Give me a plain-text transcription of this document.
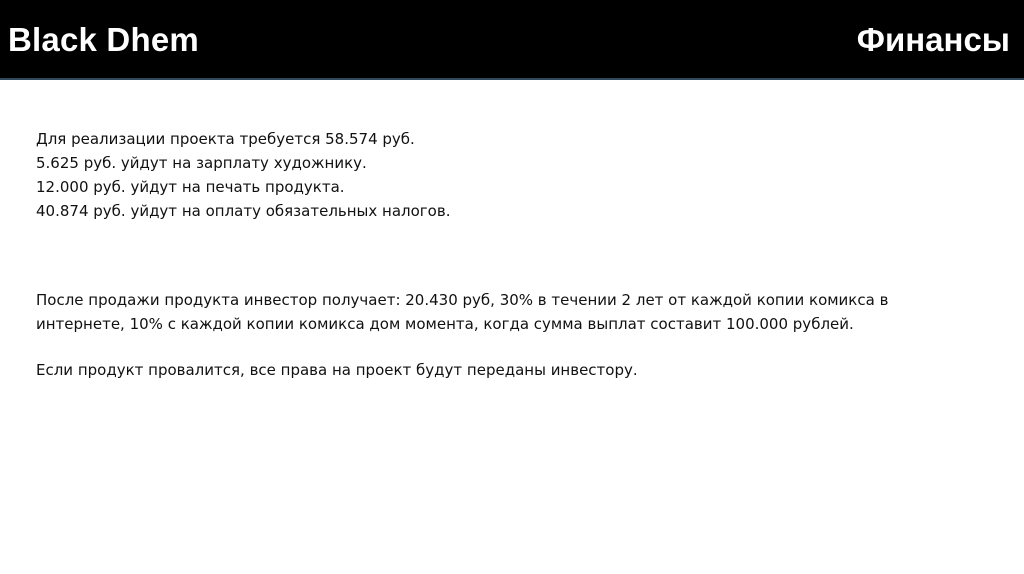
Black Dhem	Финансы
Для реализации проекта требуется 58.574 руб.
5.625 руб. уйдут на зарплату художнику.
12.000 руб. уйдут на печать продукта.
40.874 руб. уйдут на оплату обязательных налогов.
После продажи продукта инвестор получает: 20.430 руб, 30% в течении 2 лет от каждой копии комикса в
интернете, 10% с каждой копии комикса дом момента, когда сумма выплат составит 100.000 рублей.
Если продукт провалится, все права на проект будут переданы инвестору.
